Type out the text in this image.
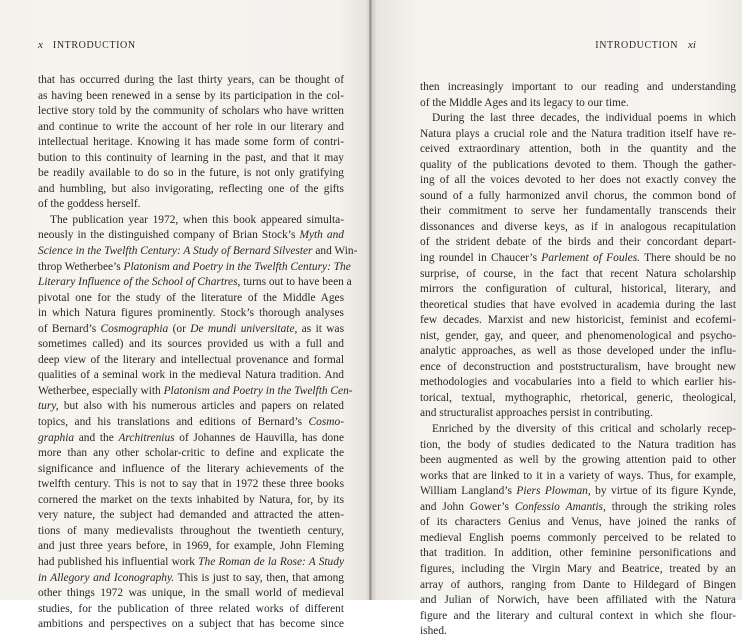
x INTRODUCTION
that has occurred during the last thirty years, can be thought of
as having been renewed in a sense by its participation in the col-
lective story told by the community of scholars who have written
and continue to write the account of her role in our literary and
intellectual heritage. Knowing it has made some form of contri-
bution to this continuity of learning in the past, and that it may
be readily available to do so in the future, is not only gratifying
and humbling, but also invigorating, reflecting one of the gifts
of the goddess herself.
The publication year 1972, when this book appeared simulta-
neously in the distinguished company of Brian Stock’s Myth and
Science in the Twelfth Century: A Study of Bernard Silvester and Win-
throp Wetherbee’s Platonism and Poetry in the Twelfth Century: The
Literary Influence of the School of Chartres, turns out to have been a
pivotal one for the study of the literature of the Middle Ages
in which Natura figures prominently. Stock’s thorough analyses
of Bernard’s Cosmographia (or De mundi universitate, as it was
sometimes called) and its sources provided us with a full and
deep view of the literary and intellectual provenance and formal
qualities of a seminal work in the medieval Natura tradition. And
Wetherbee, especially with Platonism and Poetry in the Twelfth Cen-
tury, but also with his numerous articles and papers on related
topics, and his translations and editions of Bernard’s Cosmo-
graphia and the Architrenius of Johannes de Hauvilla, has done
more than any other scholar-critic to define and explicate the
significance and influence of the literary achievements of the
twelfth century. This is not to say that in 1972 these three books
cornered the market on the texts inhabited by Natura, for, by its
very nature, the subject had demanded and attracted the atten-
tions of many medievalists throughout the twentieth century,
and just three years before, in 1969, for example, John Fleming
had published his influential work The Roman de la Rose: A Study
in Allegory and Iconography. This is just to say, then, that among
other things 1972 was unique, in the small world of medieval
studies, for the publication of three related works of different
ambitions and perspectives on a subject that has become since
INTRODUCTION xi
then increasingly important to our reading and understanding
of the Middle Ages and its legacy to our time.
During the last three decades, the individual poems in which
Natura plays a crucial role and the Natura tradition itself have re-
ceived extraordinary attention, both in the quantity and the
quality of the publications devoted to them. Though the gather-
ing of all the voices devoted to her does not exactly convey the
sound of a fully harmonized anvil chorus, the common bond of
their commitment to serve her fundamentally transcends their
dissonances and diverse keys, as if in analogous recapitulation
of the strident debate of the birds and their concordant depart-
ing roundel in Chaucer’s Parlement of Foules. There should be no
surprise, of course, in the fact that recent Natura scholarship
mirrors the configuration of cultural, historical, literary, and
theoretical studies that have evolved in academia during the last
few decades. Marxist and new historicist, feminist and ecofemi-
nist, gender, gay, and queer, and phenomenological and psycho-
analytic approaches, as well as those developed under the influ-
ence of deconstruction and poststructuralism, have brought new
methodologies and vocabularies into a field to which earlier his-
torical, textual, mythographic, rhetorical, generic, theological,
and structuralist approaches persist in contributing.
Enriched by the diversity of this critical and scholarly recep-
tion, the body of studies dedicated to the Natura tradition has
been augmented as well by the growing attention paid to other
works that are linked to it in a variety of ways. Thus, for example,
William Langland’s Piers Plowman, by virtue of its figure Kynde,
and John Gower’s Confessio Amantis, through the striking roles
of its characters Genius and Venus, have joined the ranks of
medieval English poems commonly perceived to be related to
that tradition. In addition, other feminine personifications and
figures, including the Virgin Mary and Beatrice, treated by an
array of authors, ranging from Dante to Hildegard of Bingen
and Julian of Norwich, have been affiliated with the Natura
figure and the literary and cultural context in which she flour-
ished.
